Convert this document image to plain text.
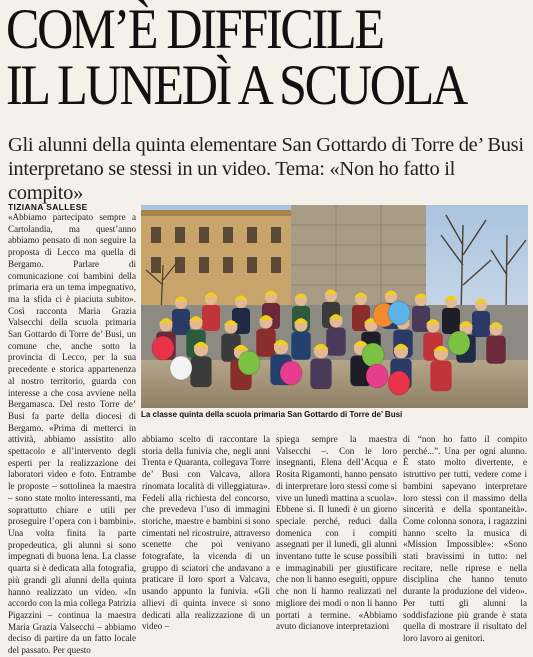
COM’È DIFFICILE
IL LUNEDÌ A SCUOLA
Gli alunni della quinta elementare San Gottardo di Torre de’ Busi interpretano se stessi in un video. Tema: «Non ho fatto il compito»
TIZIANA SALLESE

«Abbiamo partecipato sempre a Cartolandia, ma quest’anno abbiamo pensato di non seguire la proposta di Lecco ma quella di Bergamo. Parlare di comunicazione coi bambini della primaria era un tema impegnativo, ma la sfida ci è piaciuta subito». Così racconta Maria Grazia Valsecchi della scuola primaria San Gottardo di Torre de’ Busi, un comune che, anche sotto la provincia di Lecco, per la sua precedente e storica appartenenza al nostro territorio, guarda con interesse a che cosa avviene nella Bergamasca. Del resto Torre de’ Busi fa parte della diocesi di Bergamo. «Prima di metterci in attività, abbiamo assistito allo spettacolo e all’intervento degli esperti per la realizzazione dei laboratori video e foto. Entrambe le proposte – sottolinea la maestra – sono state molto interessanti, ma soprattutto chiare e utili per proseguire l’opera con i bambini». Una volta finita la parte propedeutica, gli alunni si sono impegnati di buona lena. La classe quarta si è dedicata alla fotografia, più grandi gli alunni della quinta hanno realizzato un video. «In accordo con la mia collega Patrizia Pigazzini – continua la maestra Maria Grazia Valsecchi – abbiamo deciso di partire da un fatto locale del passato. Per questo

La classe quinta della scuola primaria San Gottardo di Torre de’ Busi

abbiamo scelto di raccontare la storia della funivia che, negli anni Trenta e Quaranta, collegava Torre de’ Busi con Valcava, allora rinomata località di villeggiatura». Fedeli alla richiesta del concorso, che prevedeva l’uso di immagini storiche, maestre e bambini si sono cimentati nel ricostruire, attraverso scenette che poi venivano fotografate, la vicenda di un gruppo di sciatori che andavano a praticare il loro sport a Valcava, usando appunto la funivia. «Gli allievi di quinta invece si sono dedicati alla realizzazione di un video –

spiega sempre la maestra Valsecchi –. Con le loro insegnanti, Elena dell’Acqua e Rosita Rigamonti, hanno pensato di interpretare loro stessi come si vive un lunedì mattina a scuola». Ebbene sì. Il lunedì è un giorno speciale perché, reduci dalla domenica con i compiti assegnati per il lunedì, gli alunni inventano tutte le scuse possibili e immaginabili per giustificare che non li hanno eseguiti, oppure che non li hanno realizzati nel migliore dei modi o non li hanno portati a termine. «Abbiamo avuto dicianove interpretazioni

di “non ho fatto il compito perché...”. Una per ogni alunno. È stato molto divertente, e istruttivo per tutti, vedere come i bambini sapevano interpretare loro stessi con il massimo della sincerità e della spontaneità». Come colonna sonora, i ragazzini hanno scelto la musica di «Mission Impossible»: «Sono stati bravissimi in tutto: nel recitare, nelle riprese e nella disciplina che hanno tenuto durante la produzione del video». Per tutti gli alunni la soddisfazione più grande è stata quella di mostrare il risultato del loro lavoro ai genitori.
